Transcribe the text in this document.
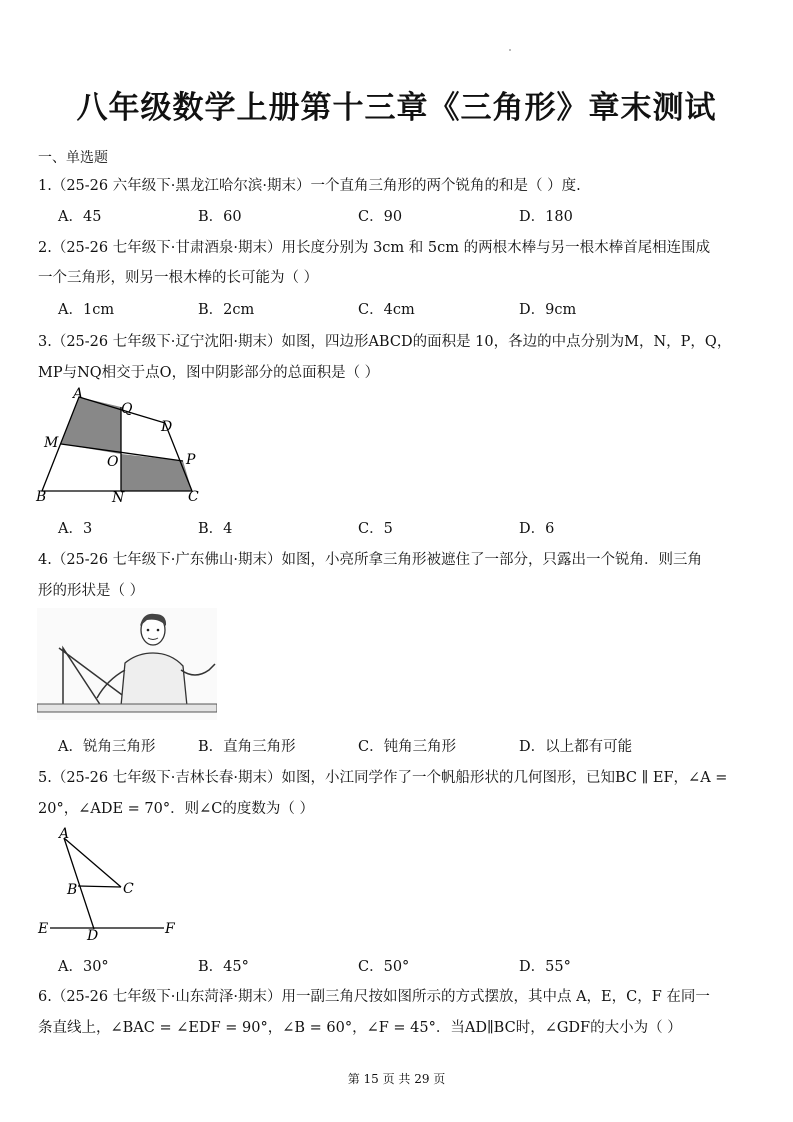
八年级数学上册第十三章《三角形》章末测试
一、单选题
1.（25-26 六年级下·黑龙江哈尔滨·期末）一个直角三角形的两个锐角的和是（ ）度.
A．45	B．60	C．90	D．180
2.（25-26 七年级下·甘肃酒泉·期末）用长度分别为 3cm 和 5cm 的两根木棒与另一根木棒首尾相连围成
一个三角形，则另一根木棒的长可能为（ ）
A．1cm	B．2cm	C．4cm	D．9cm
3.（25-26 七年级下·辽宁沈阳·期末）如图，四边形ABCD的面积是 10，各边的中点分别为M，N，P，Q，
MP与NQ相交于点O，图中阴影部分的总面积是（ ）
A
Q
D
M
O	P
B	N	C
A．3	B．4	C．5	D．6
4.（25-26 七年级下·广东佛山·期末）如图，小亮所拿三角形被遮住了一部分，只露出一个锐角．则三角
形的形状是（ ）
A．锐角三角形	B．直角三角形	C．钝角三角形	D．以上都有可能
5.（25-26 七年级下·吉林长春·期末）如图，小江同学作了一个帆船形状的几何图形，已知BC ∥ EF，∠A =
20°，∠ADE = 70°．则∠C的度数为（ ）
A
B	C
E	D	F
A．30°	B．45°	C．50°	D．55°
6.（25-26 七年级下·山东菏泽·期末）用一副三角尺按如图所示的方式摆放，其中点 A，E，C，F 在同一
条直线上，∠BAC = ∠EDF = 90°，∠B = 60°，∠F = 45°．当AD∥BC时，∠GDF的大小为（ ）
第 15 页 共 29 页
